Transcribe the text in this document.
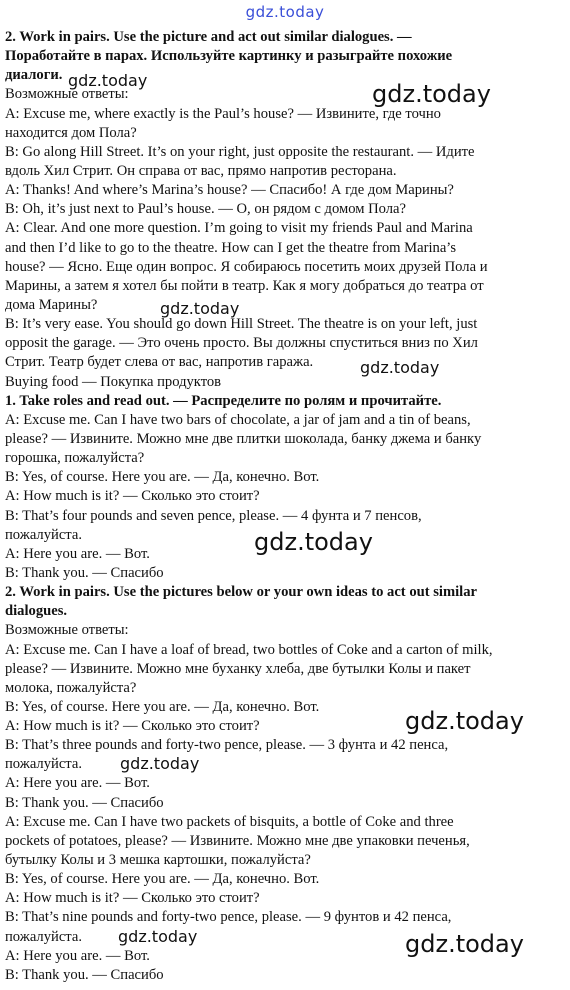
gdz.today
2. Work in pairs. Use the picture and act out similar dialogues. —
Поработайте в парах. Используйте картинку и разыграйте похожие
диалоги.
Возможные ответы:
A: Excuse me, where exactly is the Paul’s house? — Извините, где точно
находится дом Пола?
B: Go along Hill Street. It’s on your right, just opposite the restaurant. — Идите
вдоль Хил Стрит. Он справа от вас, прямо напротив ресторана.
A: Thanks! And where’s Marina’s house? — Спасибо! А где дом Марины?
B: Oh, it’s just next to Paul’s house. — О, он рядом с домом Пола?
A: Clear. And one more question. I’m going to visit my friends Paul and Marina
and then I’d like to go to the theatre. How can I get the theatre from Marina’s
house? — Ясно. Еще один вопрос. Я собираюсь посетить моих друзей Пола и
Марины, а затем я хотел бы пойти в театр. Как я могу добраться до театра от
дома Марины?
B: It’s very ease. You should go down Hill Street. The theatre is on your left, just
opposit the garage. — Это очень просто. Вы должны спуститься вниз по Хил
Стрит. Театр будет слева от вас, напротив гаража.
Buying food — Покупка продуктов
1. Take roles and read out. — Распределите по ролям и прочитайте.
A: Excuse me. Can I have two bars of chocolate, a jar of jam and a tin of beans,
please? — Извините. Можно мне две плитки шоколада, банку джема и банку
горошка, пожалуйста?
B: Yes, of course. Here you are. — Да, конечно. Вот.
A: How much is it? — Сколько это стоит?
B: That’s four pounds and seven pence, please. — 4 фунта и 7 пенсов,
пожалуйста.
A: Here you are. — Вот.
B: Thank you. — Спасибо
2. Work in pairs. Use the pictures below or your own ideas to act out similar
dialogues.
Возможные ответы:
A: Excuse me. Can I have a loaf of bread, two bottles of Coke and a carton of milk,
please? — Извините. Можно мне буханку хлеба, две бутылки Колы и пакет
молока, пожалуйста?
B: Yes, of course. Here you are. — Да, конечно. Вот.
A: How much is it? — Сколько это стоит?
B: That’s three pounds and forty-two pence, please. — 3 фунта и 42 пенса,
пожалуйста.
A: Here you are. — Вот.
B: Thank you. — Спасибо
A: Excuse me. Can I have two packets of bisquits, a bottle of Coke and three
pockets of potatoes, please? — Извините. Можно мне две упаковки печенья,
бутылку Колы и 3 мешка картошки, пожалуйста?
B: Yes, of course. Here you are. — Да, конечно. Вот.
A: How much is it? — Сколько это стоит?
B: That’s nine pounds and forty-two pence, please. — 9 фунтов и 42 пенса,
пожалуйста.
A: Here you are. — Вот.
B: Thank you. — Спасибо
gdz.today	gdz.today
gdz.today
gdz.today
gdz.today
gdz.today
gdz.today
gdz.today	gdz.today
